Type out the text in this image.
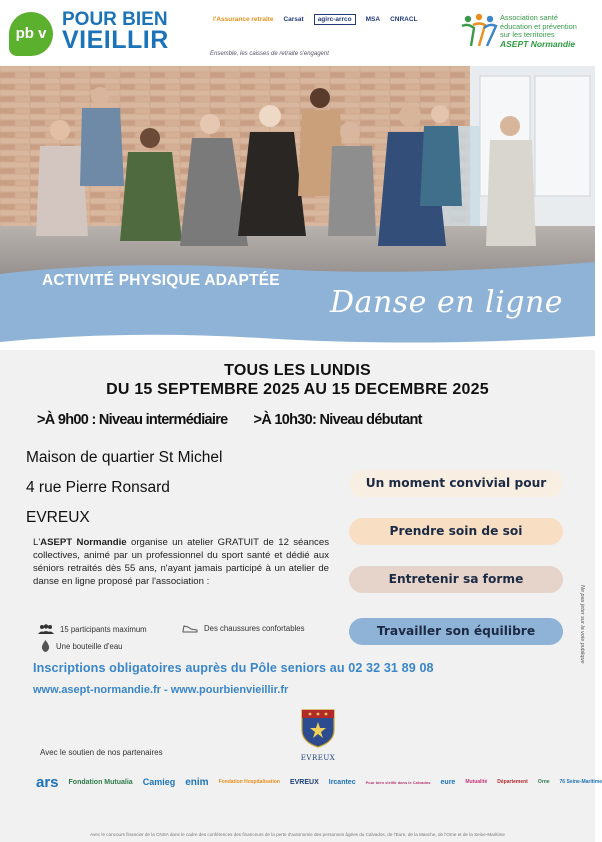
pb v
POUR BIEN
VIEILLIR
l'Assurance retraite Carsat	agirc-arrco	MSA CNRACL
Ensemble, les caisses de retraite s'engagent
Association santé
éducation et prévention
sur les territoires
ASEPT Normandie
ACTIVITÉ PHYSIQUE ADAPTÉE
Danse en ligne
TOUS LES LUNDIS
DU 15 SEPTEMBRE 2025 AU 15 DECEMBRE 2025
>À 9h00 : Niveau intermédiaire >À 10h30: Niveau débutant
Maison de quartier St Michel
4 rue Pierre Ronsard
EVREUX
L'ASEPT Normandie organise un atelier GRATUIT de 12 séances collectives, animé par un professionnel du sport santé et dédié aux séniors retraités dès 55 ans, n'ayant jamais participé à un atelier de danse en ligne proposé par l'association :
15 participants maximum	Des chaussures confortables
Une bouteille d'eau
Un moment convivial pour
Prendre soin de soi
Entretenir sa forme
Travailler son équilibre
Inscriptions obligatoires auprès du Pôle seniors au 02 32 31 89 08
www.asept-normandie.fr - www.pourbienvieillir.fr
Ne pas jeter sur la voie publique
EVREUX
Avec le soutien de nos partenaires
ars Fondation Mutualia Camieg enim Fondation Hospitalisation EVREUX Ircantec	Pour bien vieillir dans le Calvados eure Mutualité Département Orne 76 Seine-Maritime
Avec le concours financier de la CNSA dans le cadre des conférences des financeurs de la perte d'autonomie des personnes âgées du Calvados, de l'Eure, de la Manche, de l'Orne et de la Seine-Maritime
